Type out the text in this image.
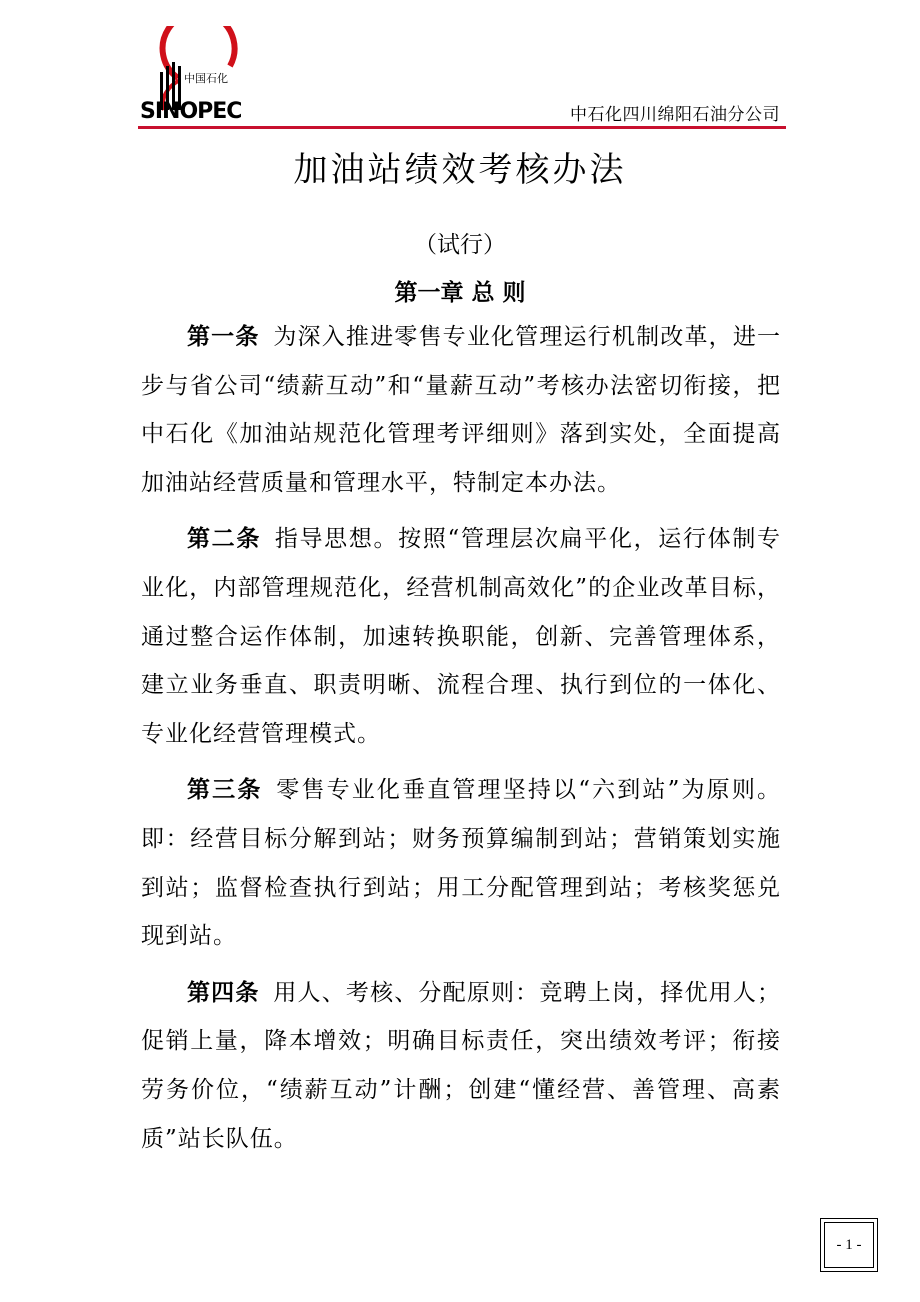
中国石化
SINOPEC	中石化四川绵阳石油分公司
加油站绩效考核办法
（试行）
第一章 总 则

第一条 为深入推进零售专业化管理运行机制改革，进一步与省公司“绩薪互动”和“量薪互动”考核办法密切衔接，把中石化《加油站规范化管理考评细则》落到实处，全面提高加油站经营质量和管理水平，特制定本办法。

第二条 指导思想。按照“管理层次扁平化，运行体制专业化，内部管理规范化，经营机制高效化”的企业改革目标，通过整合运作体制，加速转换职能，创新、完善管理体系，建立业务垂直、职责明晰、流程合理、执行到位的一体化、专业化经营管理模式。

第三条 零售专业化垂直管理坚持以“六到站”为原则。即：经营目标分解到站；财务预算编制到站；营销策划实施到站；监督检查执行到站；用工分配管理到站；考核奖惩兑现到站。

第四条 用人、考核、分配原则：竞聘上岗，择优用人；促销上量，降本增效；明确目标责任，突出绩效考评；衔接劳务价位，“绩薪互动”计酬；创建“懂经营、善管理、高素质”站长队伍。

- 1 -
